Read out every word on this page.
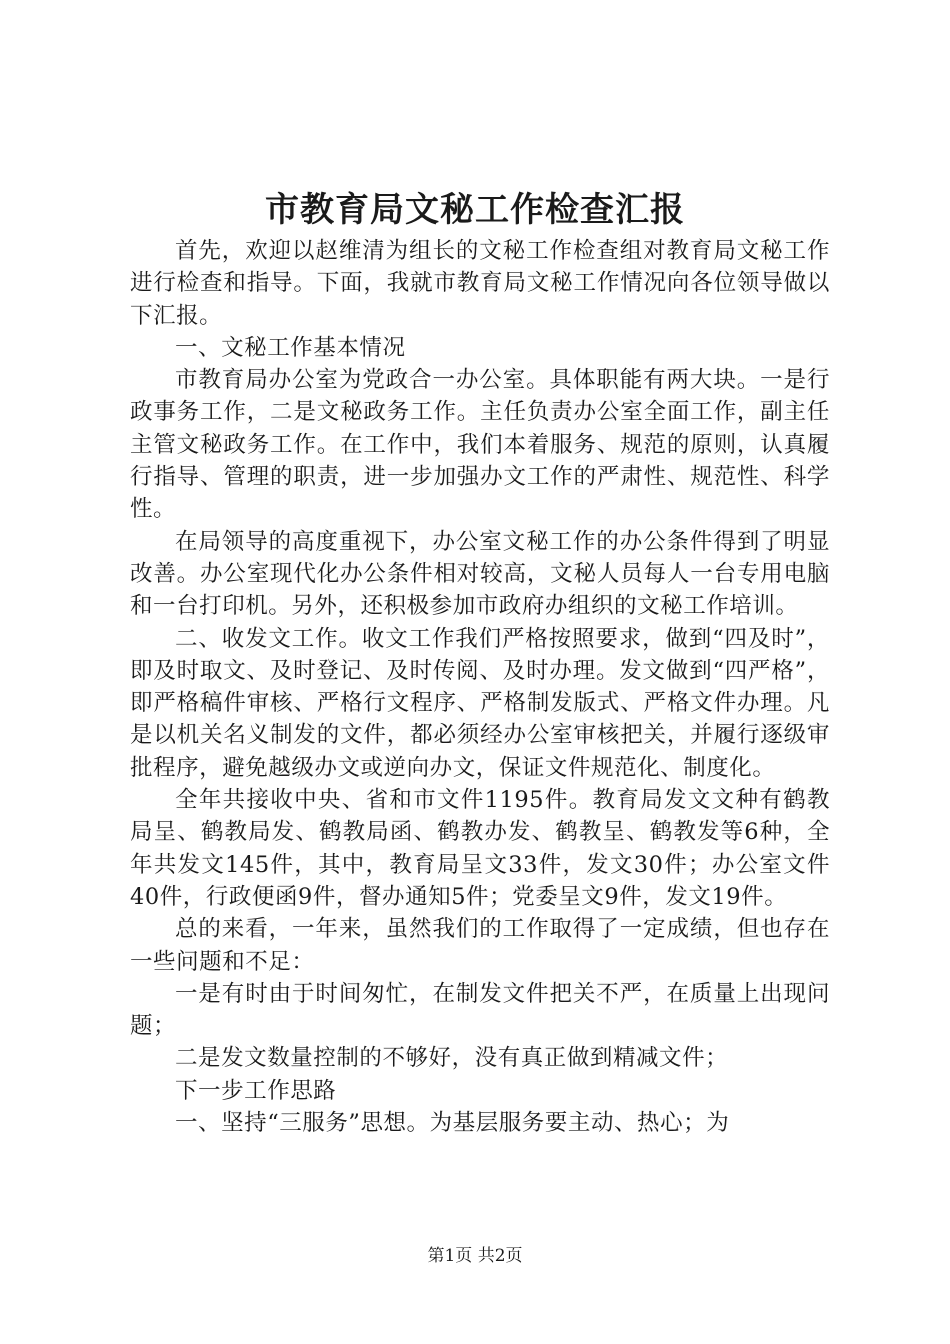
市教育局文秘工作检查汇报

首先，欢迎以赵维清为组长的文秘工作检查组对教育局文秘工作进行检查和指导。下面，我就市教育局文秘工作情况向各位领导做以下汇报。

一、文秘工作基本情况

市教育局办公室为党政合一办公室。具体职能有两大块。一是行政事务工作，二是文秘政务工作。主任负责办公室全面工作，副主任主管文秘政务工作。在工作中，我们本着服务、规范的原则，认真履行指导、管理的职责，进一步加强办文工作的严肃性、规范性、科学性。

在局领导的高度重视下，办公室文秘工作的办公条件得到了明显改善。办公室现代化办公条件相对较高，文秘人员每人一台专用电脑和一台打印机。另外，还积极参加市政府办组织的文秘工作培训。

二、收发文工作。收文工作我们严格按照要求，做到“四及时”，即及时取文、及时登记、及时传阅、及时办理。发文做到“四严格”，即严格稿件审核、严格行文程序、严格制发版式、严格文件办理。凡是以机关名义制发的文件，都必须经办公室审核把关，并履行逐级审批程序，避免越级办文或逆向办文，保证文件规范化、制度化。

全年共接收中央、省和市文件1195件。教育局发文文种有鹤教局呈、鹤教局发、鹤教局函、鹤教办发、鹤教呈、鹤教发等6种，全年共发文145件，其中，教育局呈文33件，发文30件；办公室文件40件，行政便函9件，督办通知5件；党委呈文9件，发文19件。

总的来看，一年来，虽然我们的工作取得了一定成绩，但也存在一些问题和不足：

一是有时由于时间匆忙，在制发文件把关不严，在质量上出现问题；

二是发文数量控制的不够好，没有真正做到精减文件；

下一步工作思路

一、坚持“三服务”思想。为基层服务要主动、热心；为

第1页 共2页
